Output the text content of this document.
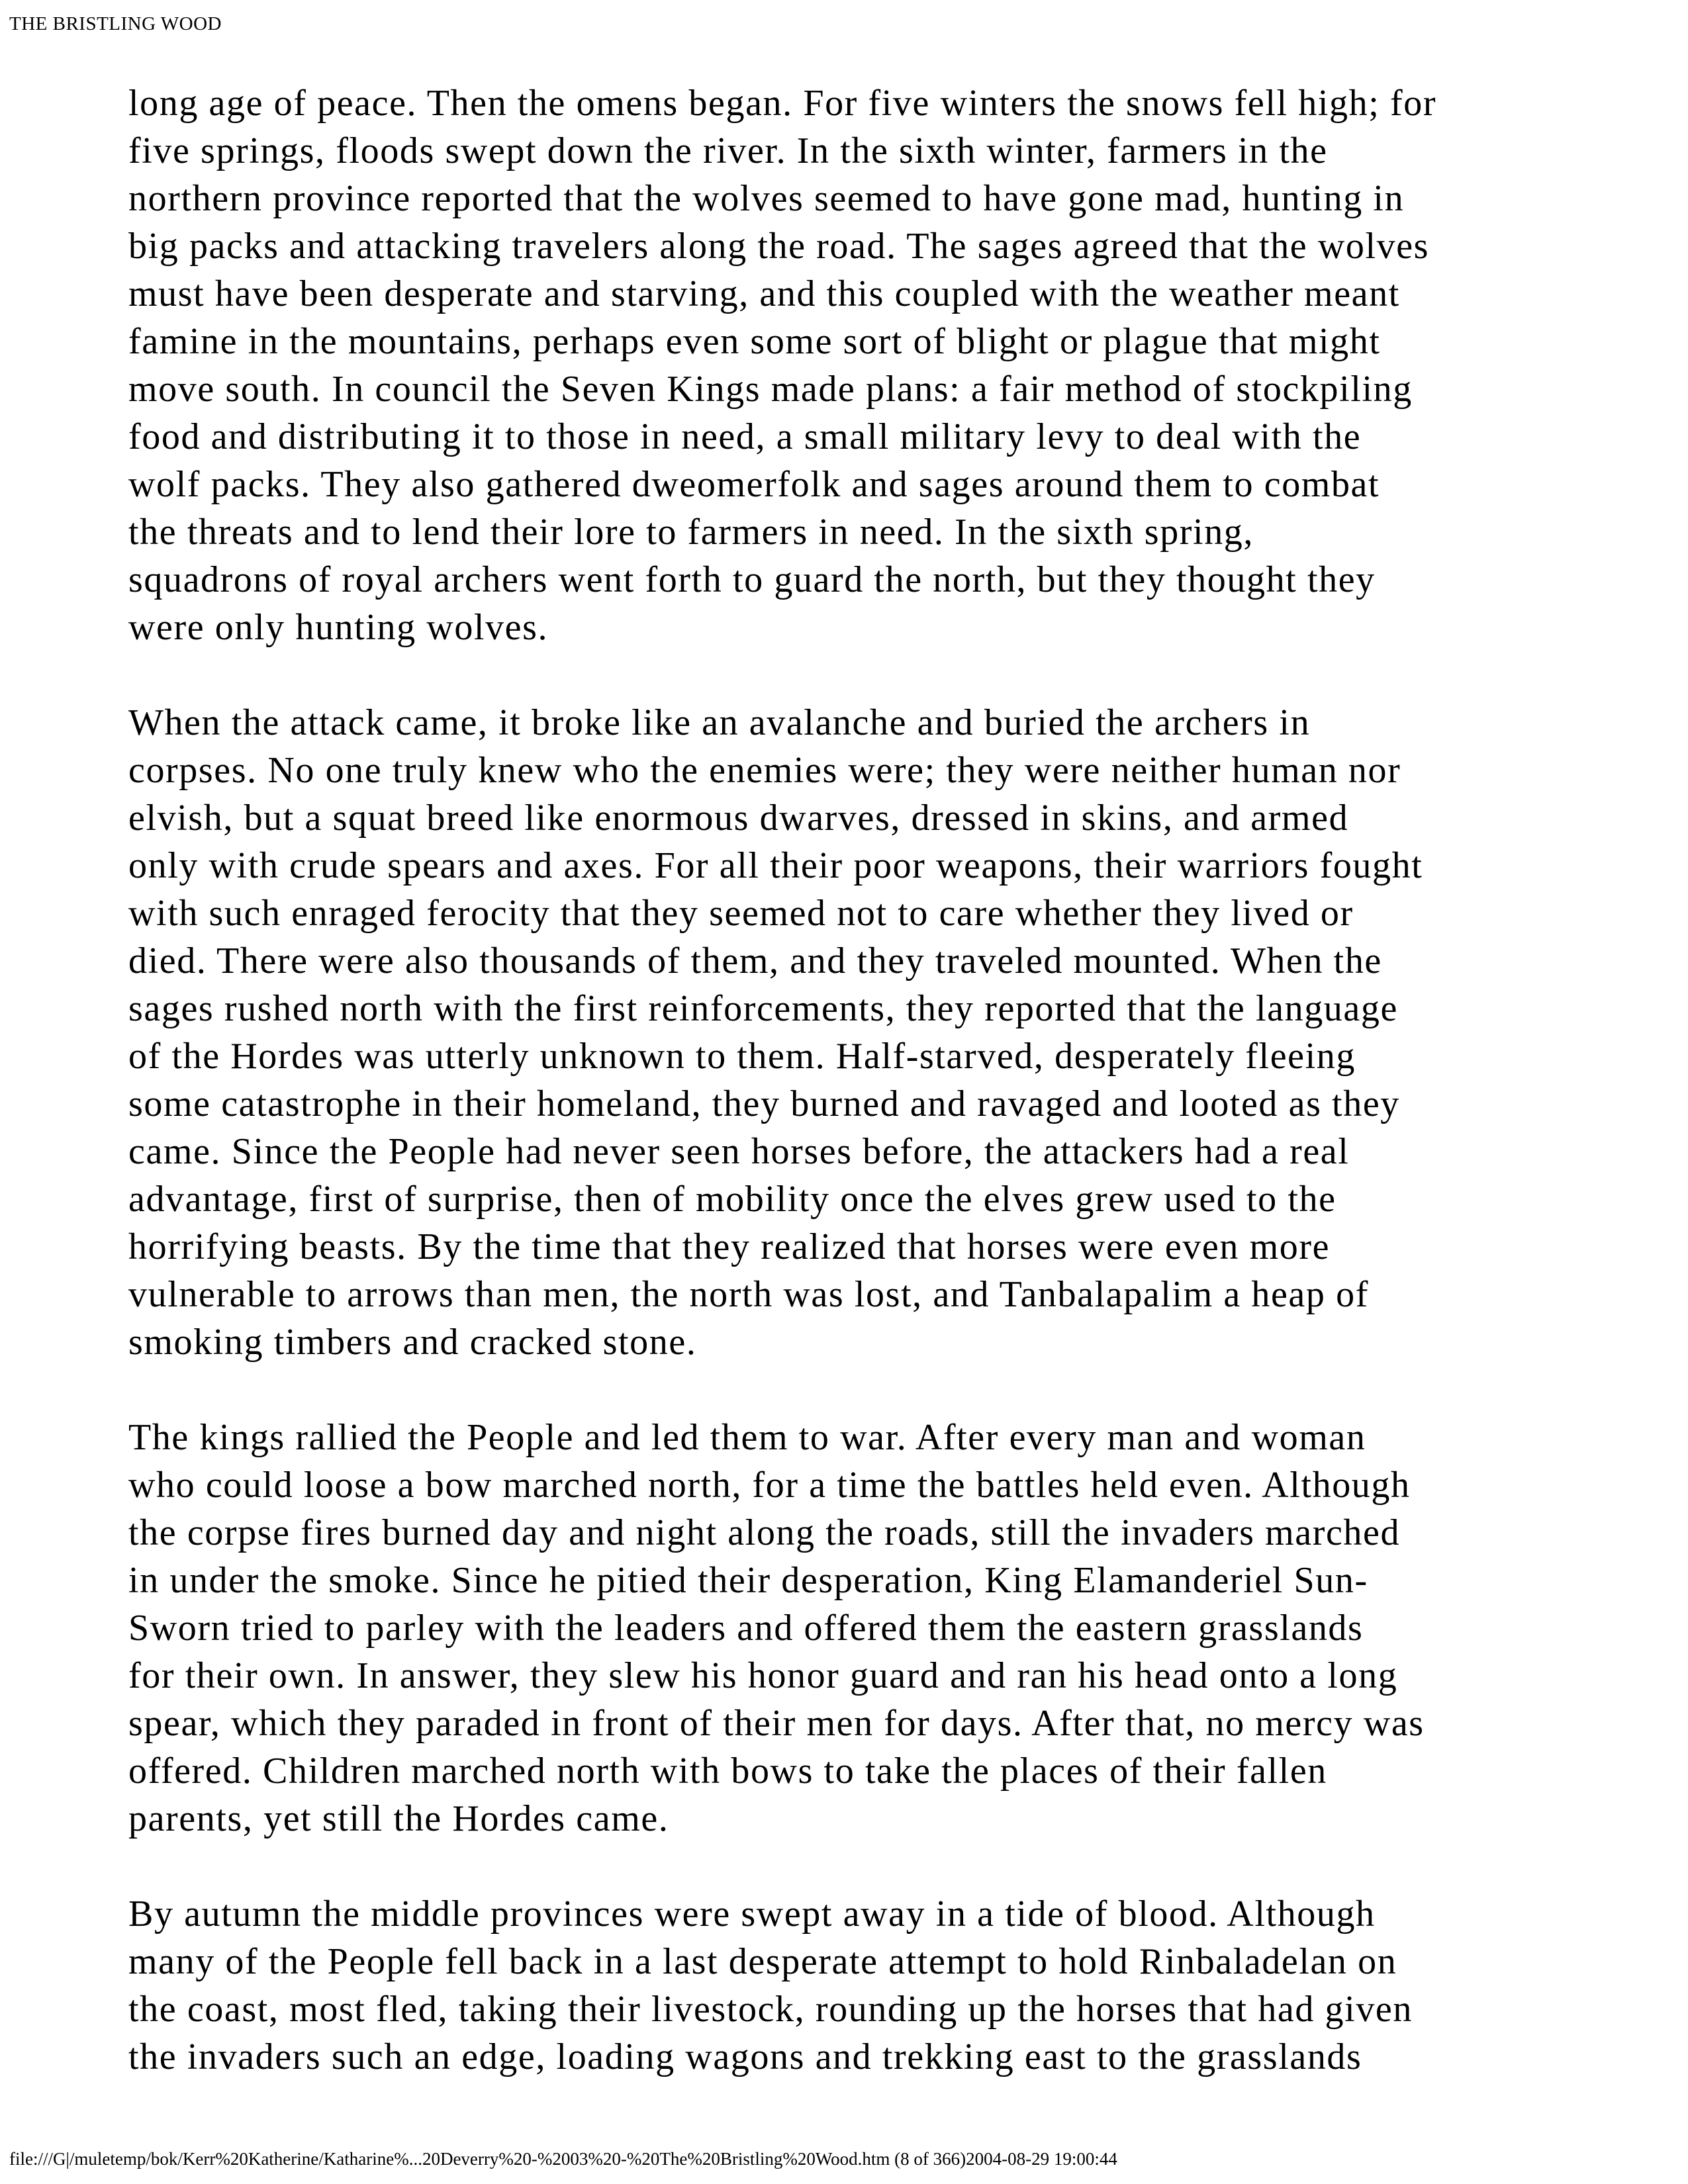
THE BRISTLING WOOD

long age of peace. Then the omens began. For five winters the snows fell high; for
five springs, floods swept down the river. In the sixth winter, farmers in the
northern province reported that the wolves seemed to have gone mad, hunting in
big packs and attacking travelers along the road. The sages agreed that the wolves
must have been desperate and starving, and this coupled with the weather meant
famine in the mountains, perhaps even some sort of blight or plague that might
move south. In council the Seven Kings made plans: a fair method of stockpiling
food and distributing it to those in need, a small military levy to deal with the
wolf packs. They also gathered dweomerfolk and sages around them to combat
the threats and to lend their lore to farmers in need. In the sixth spring,
squadrons of royal archers went forth to guard the north, but they thought they
were only hunting wolves.

When the attack came, it broke like an avalanche and buried the archers in
corpses. No one truly knew who the enemies were; they were neither human nor
elvish, but a squat breed like enormous dwarves, dressed in skins, and armed
only with crude spears and axes. For all their poor weapons, their warriors fought
with such enraged ferocity that they seemed not to care whether they lived or
died. There were also thousands of them, and they traveled mounted. When the
sages rushed north with the first reinforcements, they reported that the language
of the Hordes was utterly unknown to them. Half-starved, desperately fleeing
some catastrophe in their homeland, they burned and ravaged and looted as they
came. Since the People had never seen horses before, the attackers had a real
advantage, first of surprise, then of mobility once the elves grew used to the
horrifying beasts. By the time that they realized that horses were even more
vulnerable to arrows than men, the north was lost, and Tanbalapalim a heap of
smoking timbers and cracked stone.

The kings rallied the People and led them to war. After every man and woman
who could loose a bow marched north, for a time the battles held even. Although
the corpse fires burned day and night along the roads, still the invaders marched
in under the smoke. Since he pitied their desperation, King Elamanderiel Sun-
Sworn tried to parley with the leaders and offered them the eastern grasslands
for their own. In answer, they slew his honor guard and ran his head onto a long
spear, which they paraded in front of their men for days. After that, no mercy was
offered. Children marched north with bows to take the places of their fallen
parents, yet still the Hordes came.

By autumn the middle provinces were swept away in a tide of blood. Although
many of the People fell back in a last desperate attempt to hold Rinbaladelan on
the coast, most fled, taking their livestock, rounding up the horses that had given
the invaders such an edge, loading wagons and trekking east to the grasslands

file:///G|/muletemp/bok/Kerr%20Katherine/Katharine%...20Deverry%20-%2003%20-%20The%20Bristling%20Wood.htm (8 of 366)2004-08-29 19:00:44
